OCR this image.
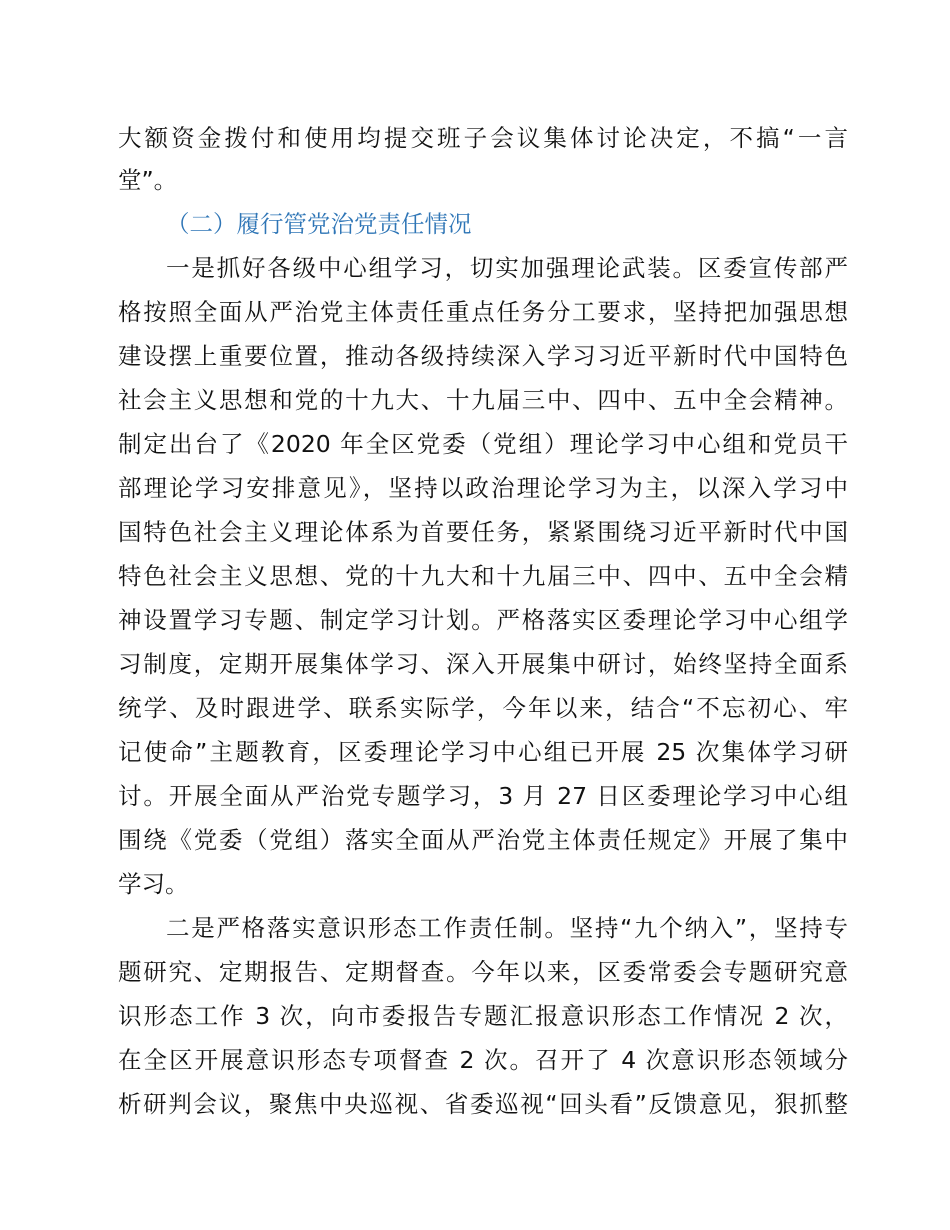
大额资金拨付和使用均提交班子会议集体讨论决定，不搞“一言
堂”。
（二）履行管党治党责任情况
一是抓好各级中心组学习，切实加强理论武装。区委宣传部严
格按照全面从严治党主体责任重点任务分工要求，坚持把加强思想
建设摆上重要位置，推动各级持续深入学习习近平新时代中国特色
社会主义思想和党的十九大、十九届三中、四中、五中全会精神。
制定出台了《2020 年全区党委（党组）理论学习中心组和党员干
部理论学习安排意见》，坚持以政治理论学习为主，以深入学习中
国特色社会主义理论体系为首要任务，紧紧围绕习近平新时代中国
特色社会主义思想、党的十九大和十九届三中、四中、五中全会精
神设置学习专题、制定学习计划。严格落实区委理论学习中心组学
习制度，定期开展集体学习、深入开展集中研讨，始终坚持全面系
统学、及时跟进学、联系实际学，今年以来，结合“不忘初心、牢
记使命”主题教育，区委理论学习中心组已开展 25 次集体学习研
讨。开展全面从严治党专题学习，3 月 27 日区委理论学习中心组
围绕《党委（党组）落实全面从严治党主体责任规定》开展了集中
学习。
二是严格落实意识形态工作责任制。坚持“九个纳入”，坚持专
题研究、定期报告、定期督查。今年以来，区委常委会专题研究意
识形态工作 3 次，向市委报告专题汇报意识形态工作情况 2 次，
在全区开展意识形态专项督查 2 次。召开了 4 次意识形态领域分
析研判会议，聚焦中央巡视、省委巡视“回头看”反馈意见，狠抓整
